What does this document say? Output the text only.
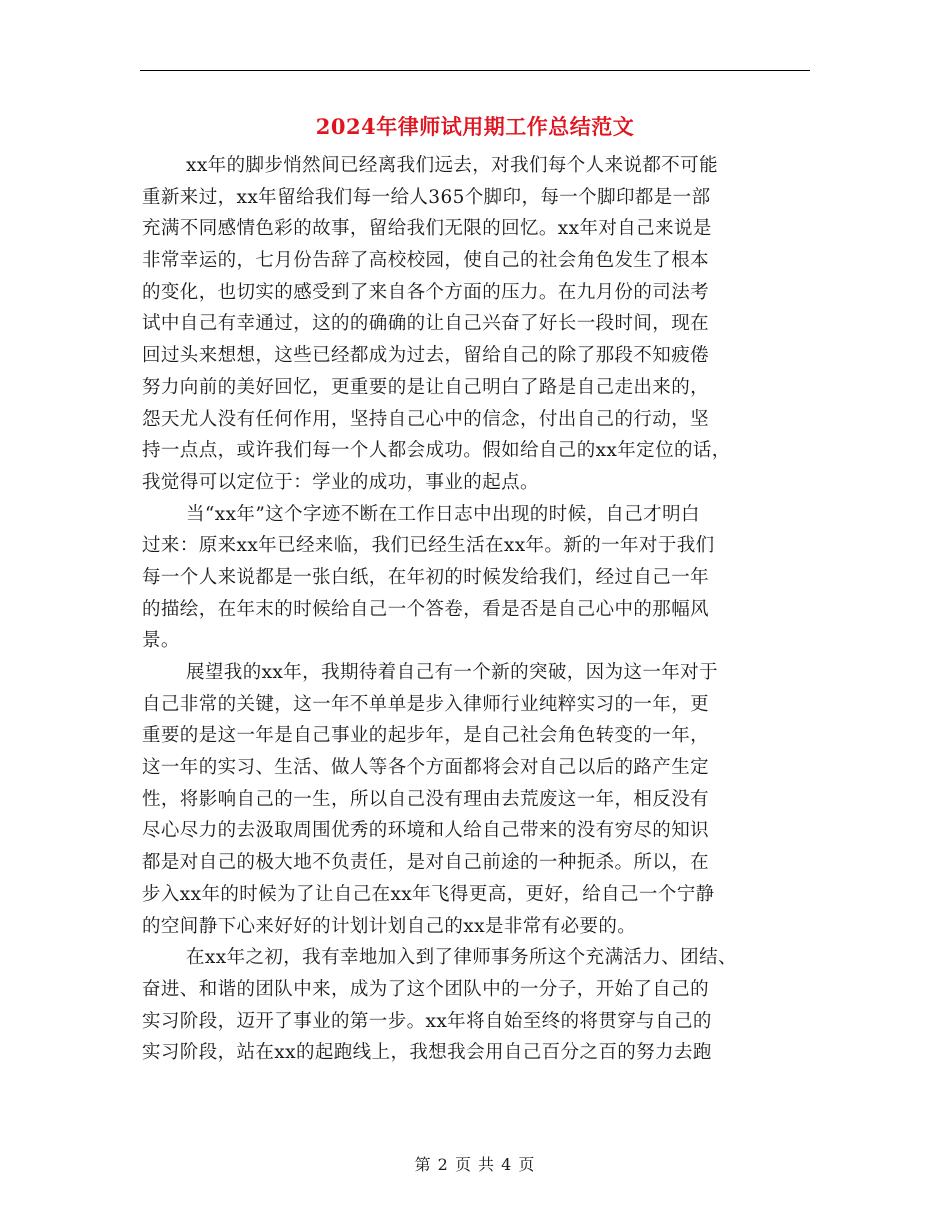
2024年律师试用期工作总结范文
xx年的脚步悄然间已经离我们远去，对我们每个人来说都不可能
重新来过，xx年留给我们每一给人365个脚印，每一个脚印都是一部
充满不同感情色彩的故事，留给我们无限的回忆。xx年对自己来说是
非常幸运的，七月份告辞了高校校园，使自己的社会角色发生了根本
的变化，也切实的感受到了来自各个方面的压力。在九月份的司法考
试中自己有幸通过，这的的确确的让自己兴奋了好长一段时间，现在
回过头来想想，这些已经都成为过去，留给自己的除了那段不知疲倦
努力向前的美好回忆，更重要的是让自己明白了路是自己走出来的，
怨天尤人没有任何作用，坚持自己心中的信念，付出自己的行动，坚
持一点点，或许我们每一个人都会成功。假如给自己的xx年定位的话，
我觉得可以定位于：学业的成功，事业的起点。
当“xx年”这个字迹不断在工作日志中出现的时候，自己才明白
过来：原来xx年已经来临，我们已经生活在xx年。新的一年对于我们
每一个人来说都是一张白纸，在年初的时候发给我们，经过自己一年
的描绘，在年末的时候给自己一个答卷，看是否是自己心中的那幅风
景。
展望我的xx年，我期待着自己有一个新的突破，因为这一年对于
自己非常的关键，这一年不单单是步入律师行业纯粹实习的一年，更
重要的是这一年是自己事业的起步年，是自己社会角色转变的一年，
这一年的实习、生活、做人等各个方面都将会对自己以后的路产生定
性，将影响自己的一生，所以自己没有理由去荒废这一年，相反没有
尽心尽力的去汲取周围优秀的环境和人给自己带来的没有穷尽的知识
都是对自己的极大地不负责任，是对自己前途的一种扼杀。所以，在
步入xx年的时候为了让自己在xx年飞得更高，更好，给自己一个宁静
的空间静下心来好好的计划计划自己的xx是非常有必要的。
在xx年之初，我有幸地加入到了律师事务所这个充满活力、团结、
奋进、和谐的团队中来，成为了这个团队中的一分子，开始了自己的
实习阶段，迈开了事业的第一步。xx年将自始至终的将贯穿与自己的
实习阶段，站在xx的起跑线上，我想我会用自己百分之百的努力去跑
第 2 页 共 4 页
